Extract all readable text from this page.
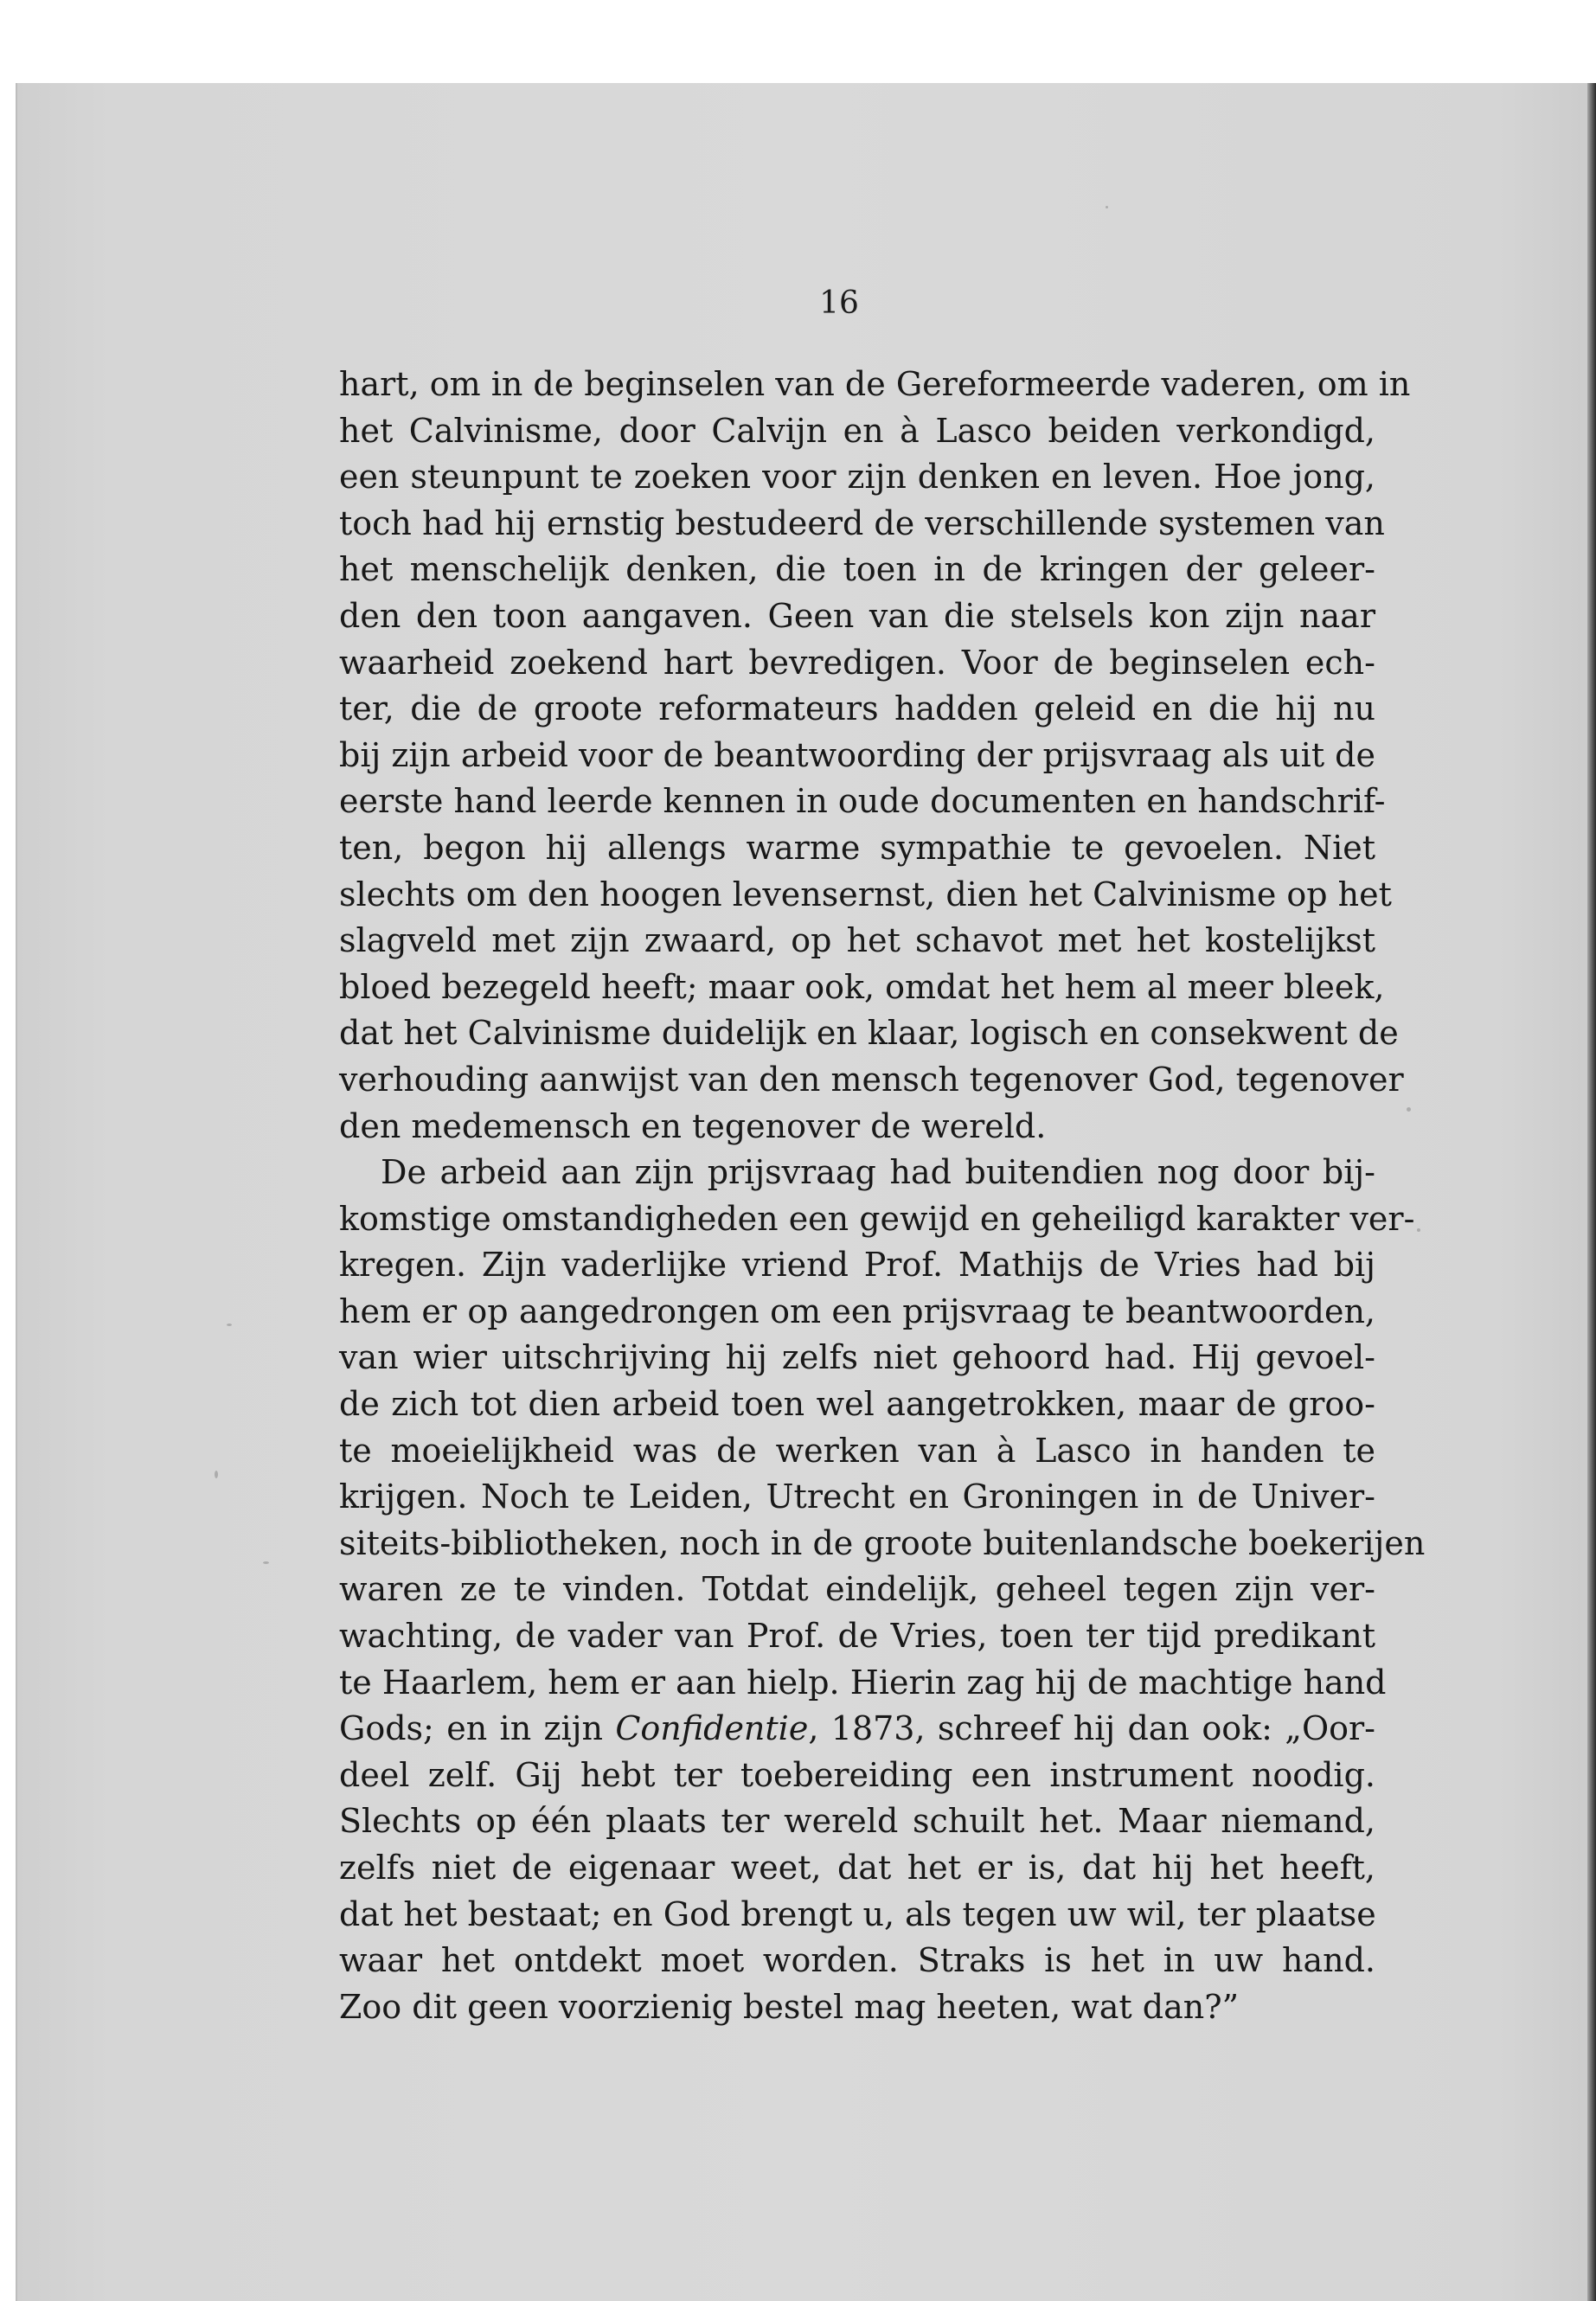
16
hart, om in de beginselen van de Gereformeerde vaderen, om in
het Calvinisme, door Calvijn en à Lasco beiden verkondigd,
een steunpunt te zoeken voor zijn denken en leven. Hoe jong,
toch had hij ernstig bestudeerd de verschillende systemen van
het menschelijk denken, die toen in de kringen der geleer-
den den toon aangaven. Geen van die stelsels kon zijn naar
waarheid zoekend hart bevredigen. Voor de beginselen ech-
ter, die de groote reformateurs hadden geleid en die hij nu
bij zijn arbeid voor de beantwoording der prijsvraag als uit de
eerste hand leerde kennen in oude documenten en handschrif-
ten, begon hij allengs warme sympathie te gevoelen. Niet
slechts om den hoogen levensernst, dien het Calvinisme op het
slagveld met zijn zwaard, op het schavot met het kostelijkst
bloed bezegeld heeft; maar ook, omdat het hem al meer bleek,
dat het Calvinisme duidelijk en klaar, logisch en consekwent de
verhouding aanwijst van den mensch tegenover God, tegenover
den medemensch en tegenover de wereld.
De arbeid aan zijn prijsvraag had buitendien nog door bij-
komstige omstandigheden een gewijd en geheiligd karakter ver-
kregen. Zijn vaderlijke vriend Prof. Mathijs de Vries had bij
hem er op aangedrongen om een prijsvraag te beantwoorden,
van wier uitschrijving hij zelfs niet gehoord had. Hij gevoel-
de zich tot dien arbeid toen wel aangetrokken, maar de groo-
te moeielijkheid was de werken van à Lasco in handen te
krijgen. Noch te Leiden, Utrecht en Groningen in de Univer-
siteits-bibliotheken, noch in de groote buitenlandsche boekerijen
waren ze te vinden. Totdat eindelijk, geheel tegen zijn ver-
wachting, de vader van Prof. de Vries, toen ter tijd predikant
te Haarlem, hem er aan hielp. Hierin zag hij de machtige hand
Gods; en in zijn Confidentie, 1873, schreef hij dan ook: „Oor-
deel zelf. Gij hebt ter toebereiding een instrument noodig.
Slechts op één plaats ter wereld schuilt het. Maar niemand,
zelfs niet de eigenaar weet, dat het er is, dat hij het heeft,
dat het bestaat; en God brengt u, als tegen uw wil, ter plaatse
waar het ontdekt moet worden. Straks is het in uw hand.
Zoo dit geen voorzienig bestel mag heeten, wat dan?”
